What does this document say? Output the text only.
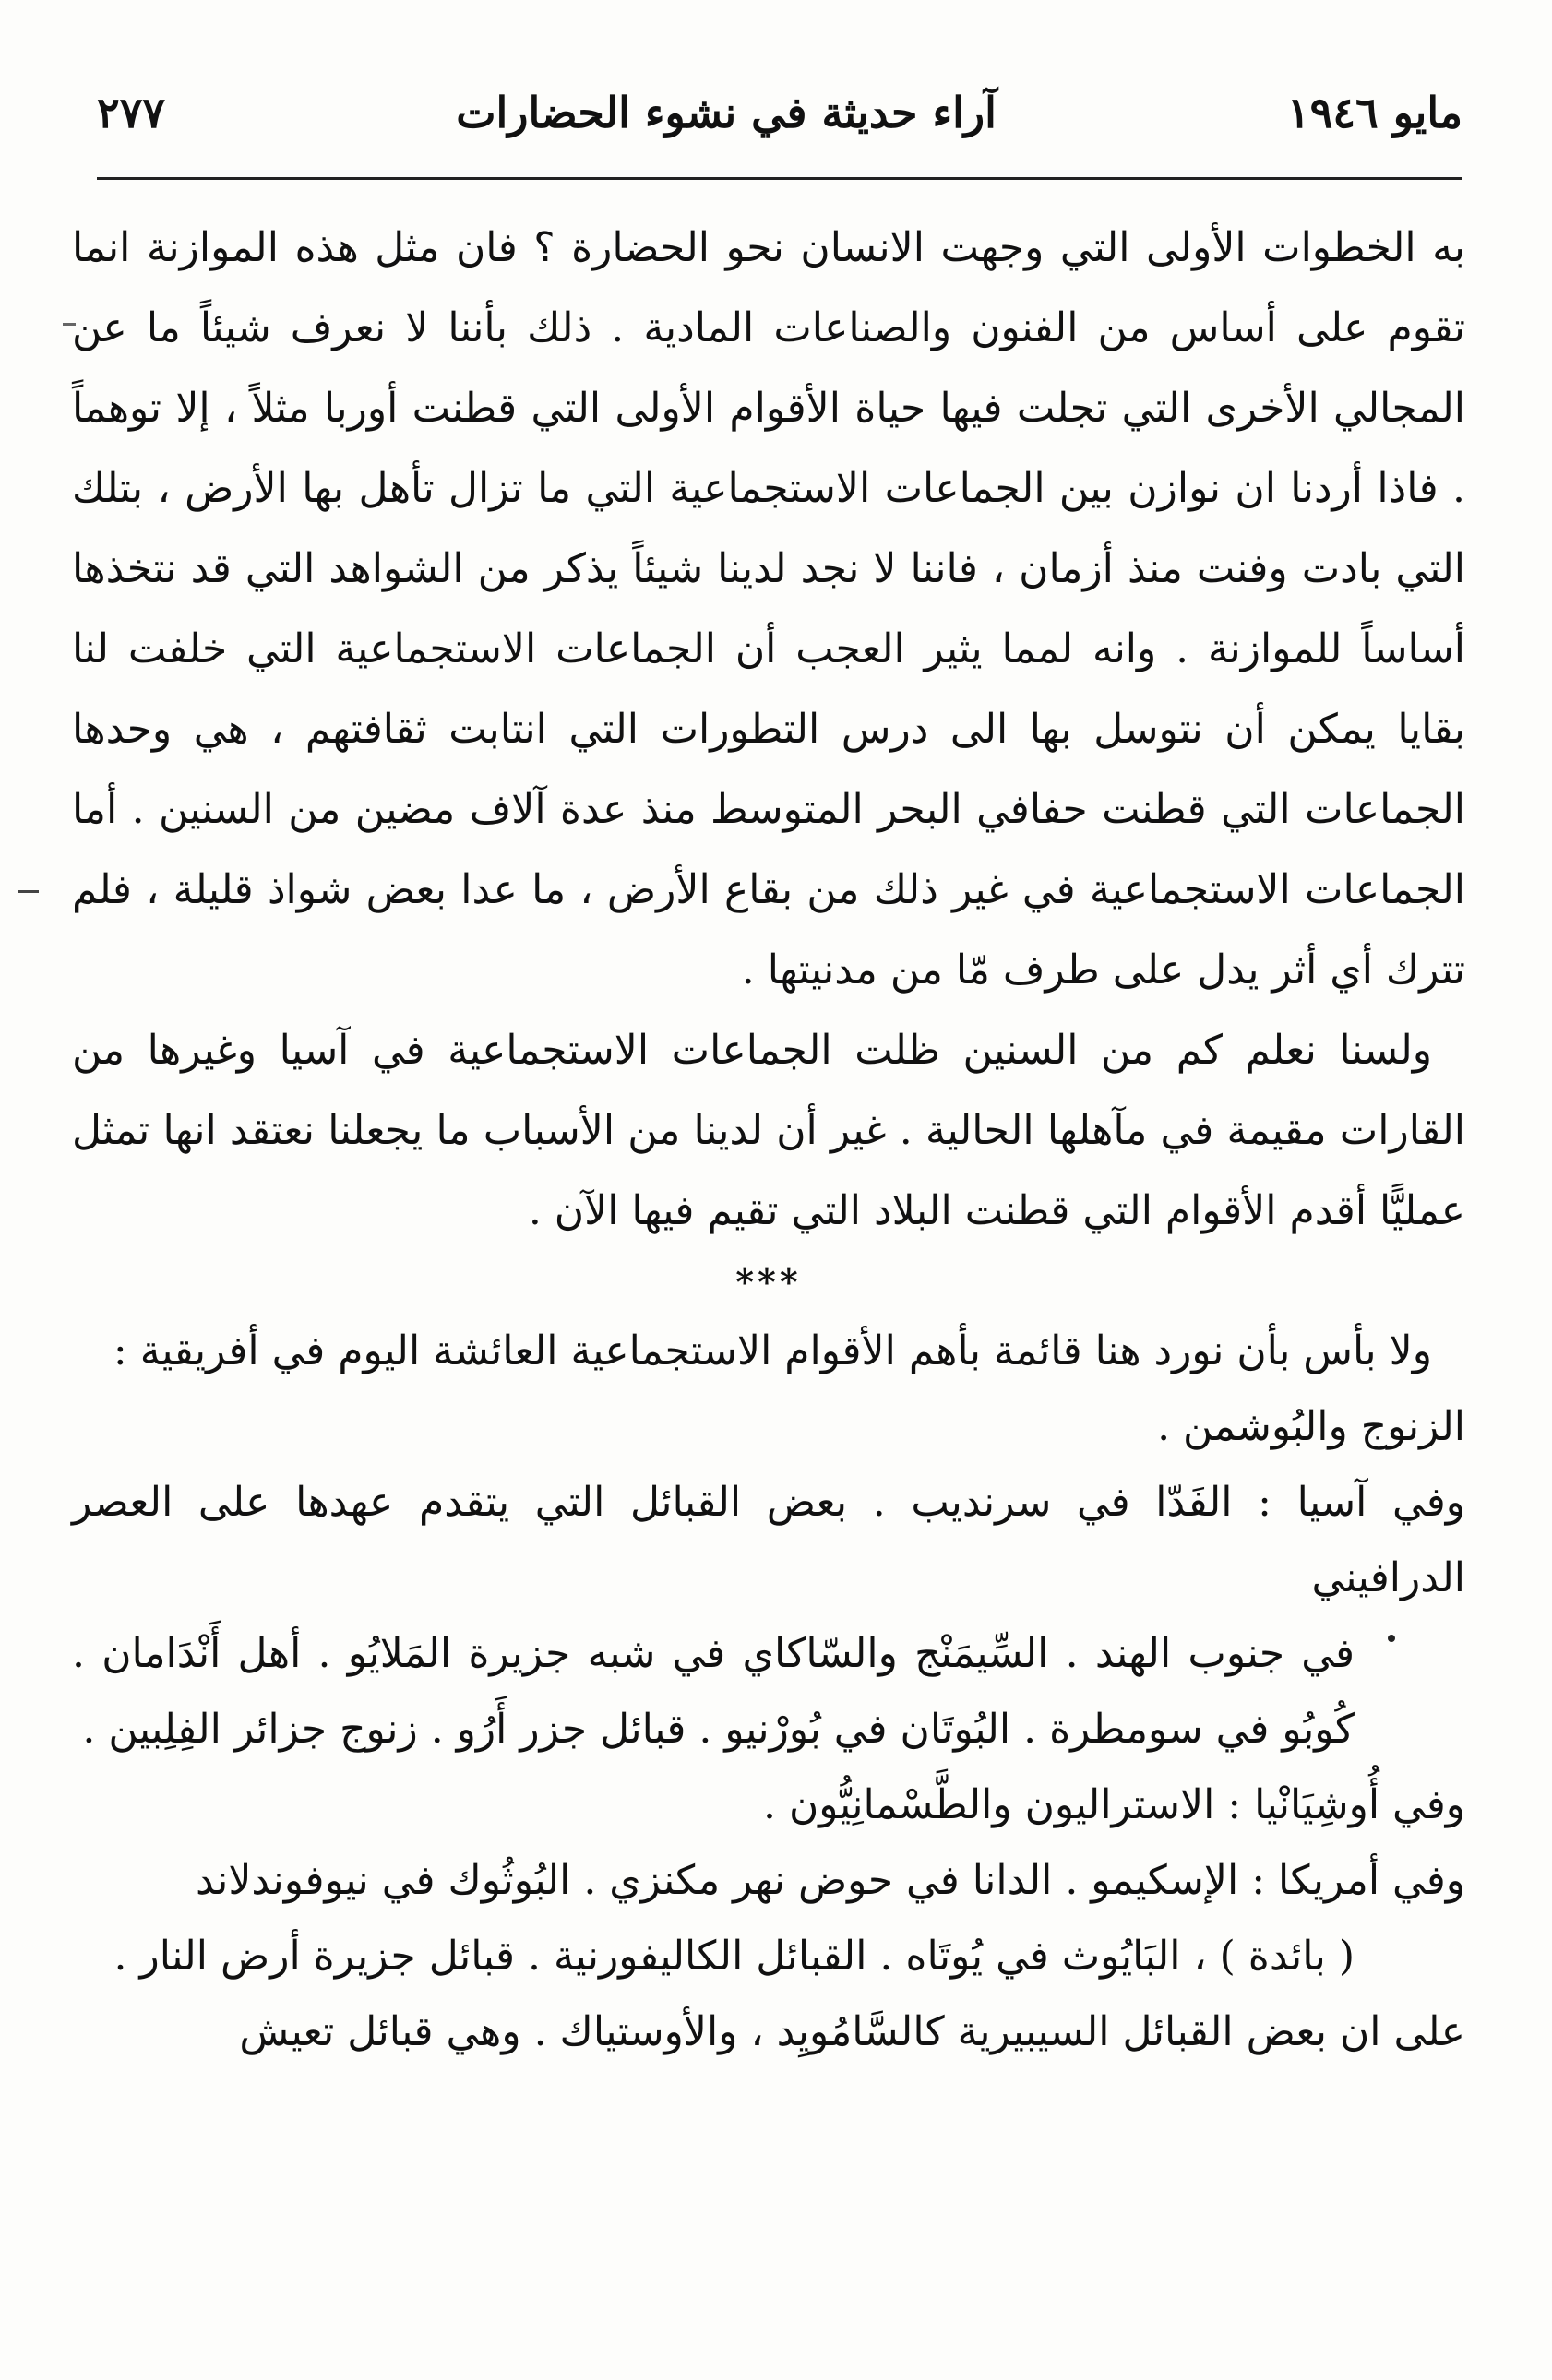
مايو ١٩٤٦
آراء حديثة في نشوء الحضارات
٢٧٧

به الخطوات الأولى التي وجهت الانسان نحو الحضارة ؟ فان مثل هذه الموازنة انما تقوم على أساس من الفنون والصناعات المادية . ذلك بأننا لا نعرف شيئاً ما عن المجالي الأخرى التي تجلت فيها حياة الأقوام الأولى التي قطنت أوربا مثلاً ، إلا توهماً . فاذا أردنا ان نوازن بين الجماعات الاستجماعية التي ما تزال تأهل بها الأرض ، بتلك التي بادت وفنت منذ أزمان ، فاننا لا نجد لدينا شيئاً يذكر من الشواهد التي قد نتخذها أساساً للموازنة . وانه لمما يثير العجب أن الجماعات الاستجماعية التي خلفت لنا بقايا يمكن أن نتوسل بها الى درس التطورات التي انتابت ثقافتهم ، هي وحدها الجماعات التي قطنت حفافي البحر المتوسط منذ عدة آلاف مضين من السنين . أما الجماعات الاستجماعية في غير ذلك من بقاع الأرض ، ما عدا بعض شواذ قليلة ، فلم تترك أي أثر يدل على طرف مّا من مدنيتها .

ولسنا نعلم كم من السنين ظلت الجماعات الاستجماعية في آسيا وغيرها من القارات مقيمة في مآهلها الحالية . غير أن لدينا من الأسباب ما يجعلنا نعتقد انها تمثل عمليًّا أقدم الأقوام التي قطنت البلاد التي تقيم فيها الآن .

***

ولا بأس بأن نورد هنا قائمة بأهم الأقوام الاستجماعية العائشة اليوم في أفريقية :

الزنوج والبُوشمن .

وفي آسيا : الفَدّا في سرنديب . بعض القبائل التي يتقدم عهدها على العصر الدرافيني
في جنوب الهند . السِّيمَنْج والسّاكاي في شبه جزيرة المَلايُو . أهل أَنْدَامان . كُوبُو في سومطرة . البُوتَان في بُورْنيو . قبائل جزر أَرُو . زنوج جزائر الفِلِبين .

وفي أُوشِيَانْيا : الاستراليون والطَّسْمانِيُّون .

وفي أمريكا : الإسكيمو . الدانا في حوض نهر مكنزي . البُوثُوك في نيوفوندلاند
( بائدة ) ، البَايُوث في يُوتَاه . القبائل الكاليفورنية . قبائل جزيرة أرض النار .

على ان بعض القبائل السيبيرية كالسَّامُويِد ، والأوستياك . وهي قبائل تعيش
